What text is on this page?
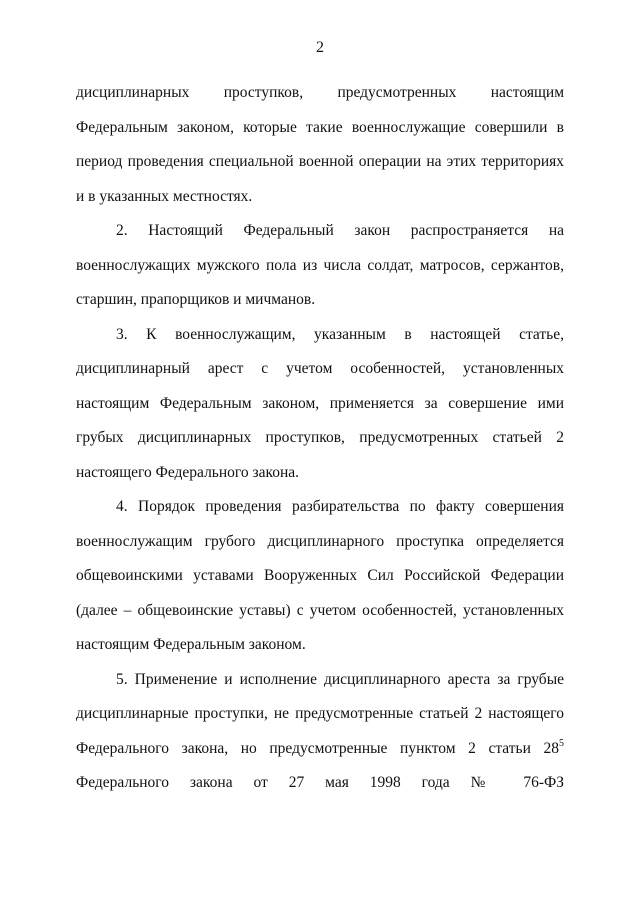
2

дисциплинарных проступков, предусмотренных настоящим Федеральным законом, которые такие военнослужащие совершили в период проведения специальной военной операции на этих территориях и в указанных местностях.

2. Настоящий Федеральный закон распространяется на военнослужащих мужского пола из числа солдат, матросов, сержантов, старшин, прапорщиков и мичманов.

3. К военнослужащим, указанным в настоящей статье, дисциплинарный арест с учетом особенностей, установленных настоящим Федеральным законом, применяется за совершение ими грубых дисциплинарных проступков, предусмотренных статьей 2 настоящего Федерального закона.

4. Порядок проведения разбирательства по факту совершения военнослужащим грубого дисциплинарного проступка определяется общевоинскими уставами Вооруженных Сил Российской Федерации (далее – общевоинские уставы) с учетом особенностей, установленных настоящим Федеральным законом.

5. Применение и исполнение дисциплинарного ареста за грубые дисциплинарные проступки, не предусмотренные статьей 2 настоящего Федерального закона, но предусмотренные пунктом 2 статьи $28^5$ Федерального закона от 27 мая 1998 года № 76-ФЗ
